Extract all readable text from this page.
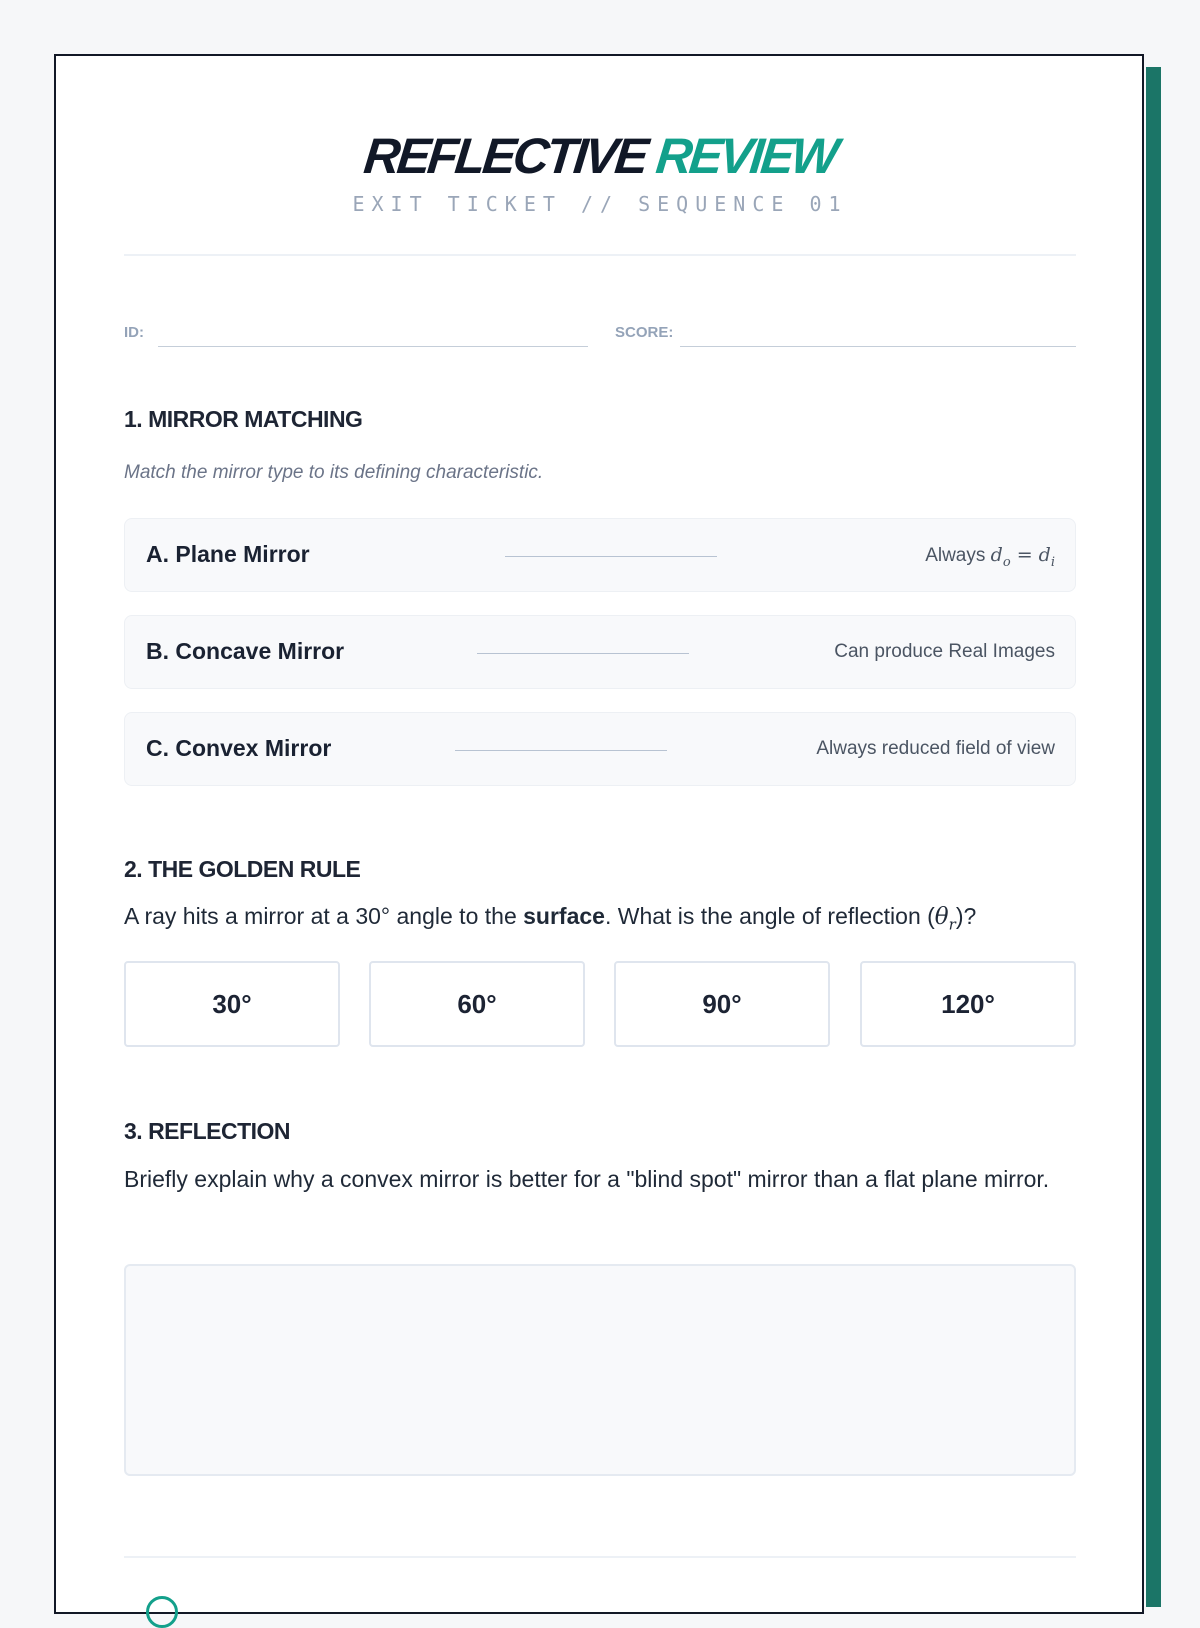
REFLECTIVE REVIEW
EXIT TICKET // SEQUENCE 01
ID:	SCORE:
1. MIRROR MATCHING
Match the mirror type to its defining characteristic.
A. Plane Mirror	Always $d_o = d_i$
B. Concave Mirror	Can produce Real Images
C. Convex Mirror	Always reduced field of view
2. THE GOLDEN RULE
A ray hits a mirror at a 30° angle to the surface. What is the angle of reflection $(\theta_r)$?
30°	60°	90°	120°
3. REFLECTION
Briefly explain why a convex mirror is better for a "blind spot" mirror than a flat plane mirror.
